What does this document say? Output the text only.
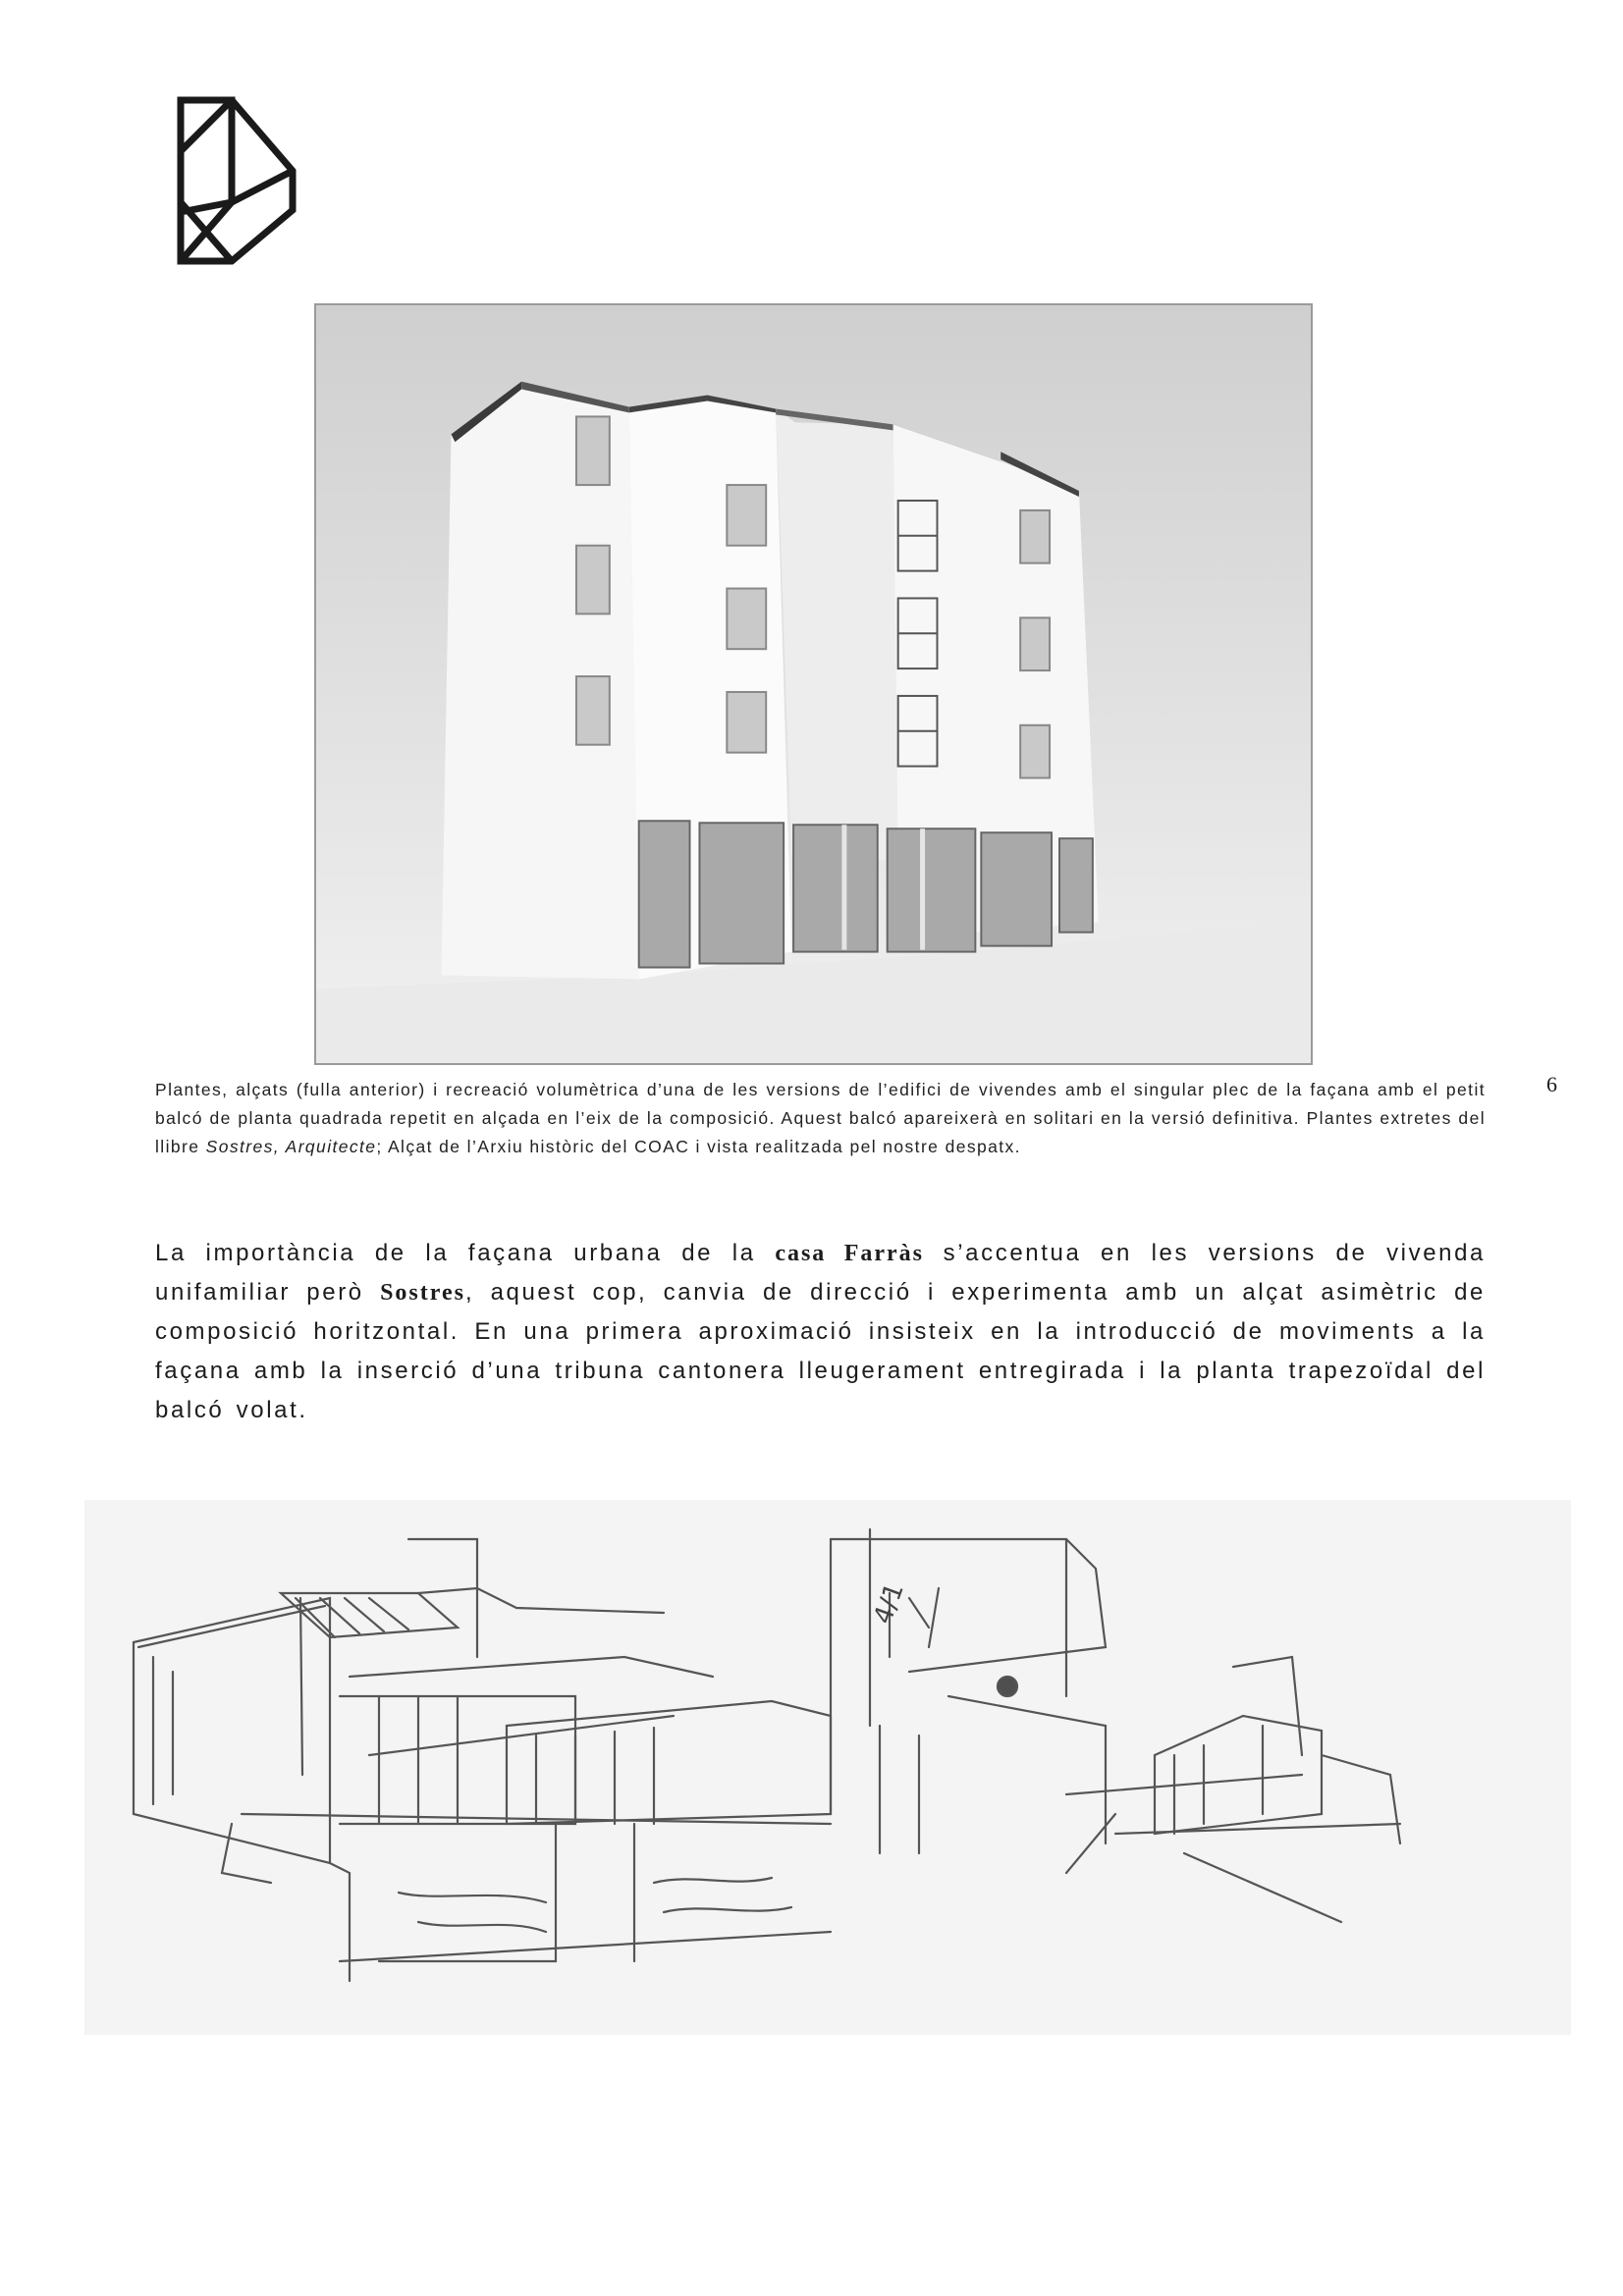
6

Plantes, alçats (fulla anterior) i recreació volumètrica d’una de les versions de l’edifici de vivendes amb el singular plec de la façana amb el petit balcó de planta quadrada repetit en alçada en l’eix de la composició. Aquest balcó apareixerà en solitari en la versió definitiva. Plantes extretes del llibre Sostres, Arquitecte; Alçat de l’Arxiu històric del COAC i vista realitzada pel nostre despatx.

La importància de la façana urbana de la casa Farràs s’accentua en les versions de vivenda unifamiliar però Sostres, aquest cop, canvia de direcció i experimenta amb un alçat asimètric de composició horitzontal. En una primera aproximació insisteix en la introducció de moviments a la façana amb la inserció d’una tribuna cantonera lleugerament entregirada i la planta trapezoïdal del balcó volat.

4/1
